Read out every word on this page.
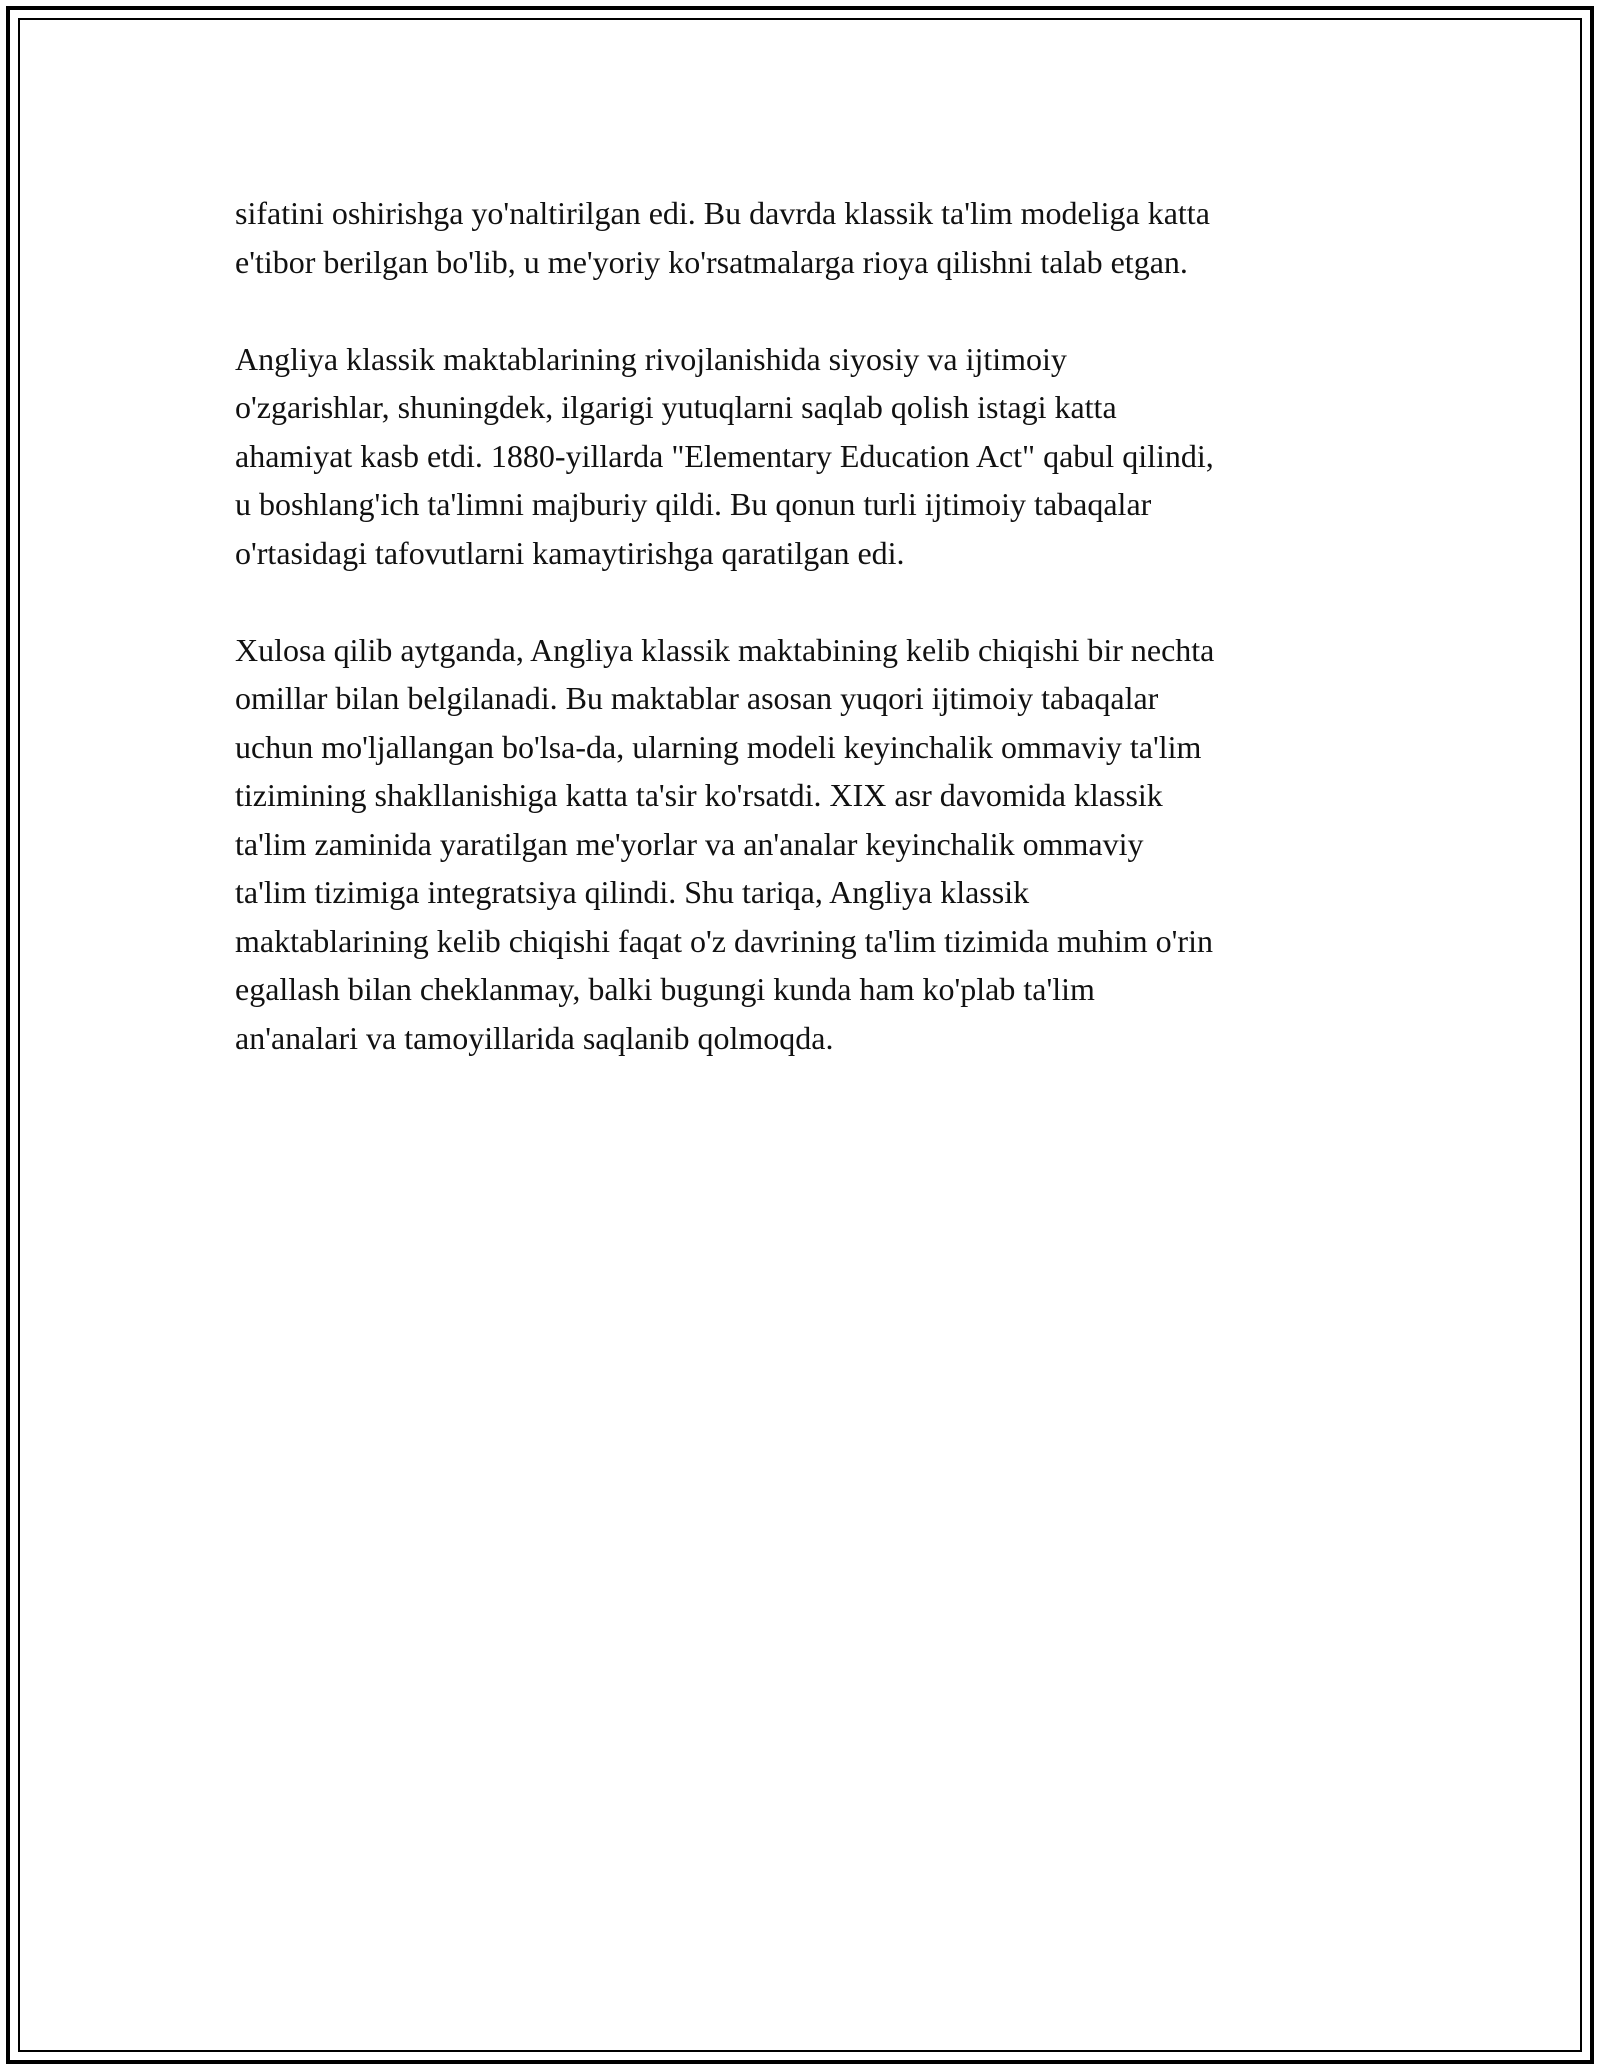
sifatini oshirishga yo'naltirilgan edi. Bu davrda klassik ta'lim modeliga katta
e'tibor berilgan bo'lib, u me'yoriy ko'rsatmalarga rioya qilishni talab etgan.

Angliya klassik maktablarining rivojlanishida siyosiy va ijtimoiy
o'zgarishlar, shuningdek, ilgarigi yutuqlarni saqlab qolish istagi katta
ahamiyat kasb etdi. 1880-yillarda "Elementary Education Act" qabul qilindi,
u boshlang'ich ta'limni majburiy qildi. Bu qonun turli ijtimoiy tabaqalar
o'rtasidagi tafovutlarni kamaytirishga qaratilgan edi.

Xulosa qilib aytganda, Angliya klassik maktabining kelib chiqishi bir nechta
omillar bilan belgilanadi. Bu maktablar asosan yuqori ijtimoiy tabaqalar
uchun mo'ljallangan bo'lsa-da, ularning modeli keyinchalik ommaviy ta'lim
tizimining shakllanishiga katta ta'sir ko'rsatdi. XIX asr davomida klassik
ta'lim zaminida yaratilgan me'yorlar va an'analar keyinchalik ommaviy
ta'lim tizimiga integratsiya qilindi. Shu tariqa, Angliya klassik
maktablarining kelib chiqishi faqat o'z davrining ta'lim tizimida muhim o'rin
egallash bilan cheklanmay, balki bugungi kunda ham ko'plab ta'lim
an'analari va tamoyillarida saqlanib qolmoqda.
